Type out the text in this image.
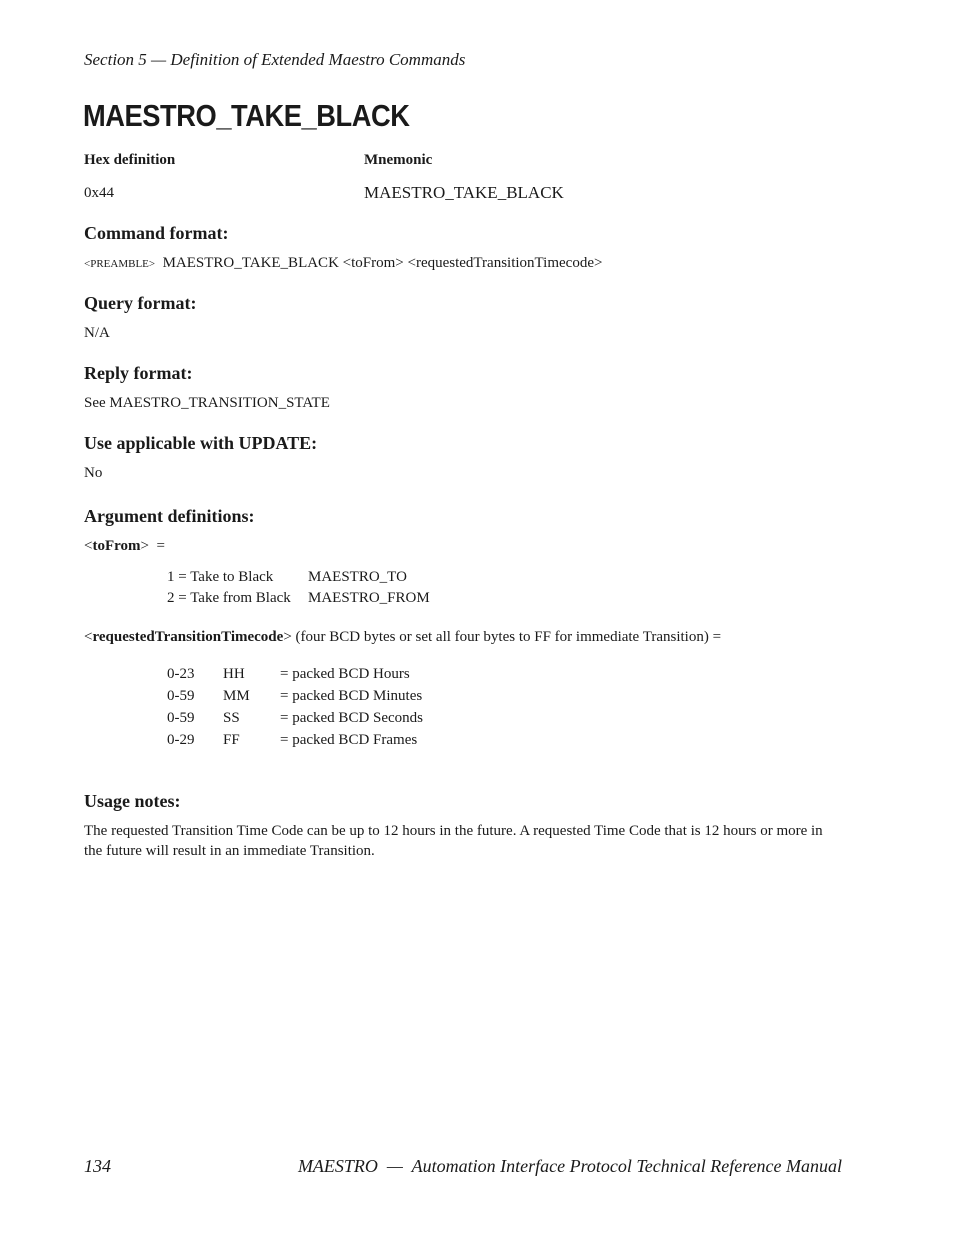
Section 5 — Definition of Extended Maestro Commands
MAESTRO_TAKE_BLACK
Hex definition	Mnemonic
0x44	MAESTRO_TAKE_BLACK
Command format:
<PREAMBLE> MAESTRO_TAKE_BLACK <toFrom> <requestedTransitionTimecode>
Query format:
N/A
Reply format:
See MAESTRO_TRANSITION_STATE
Use applicable with UPDATE:
No
Argument definitions:
<toFrom>  =
1 = Take to Black MAESTRO_TO
2 = Take from Black MAESTRO_FROM
<requestedTransitionTimecode> (four BCD bytes or set all four bytes to FF for immediate Transition) =
0-23 HH = packed BCD Hours
0-59 MM = packed BCD Minutes
0-59 SS	= packed BCD Seconds
0-29 FF	= packed BCD Frames
Usage notes:
The requested Transition Time Code can be up to 12 hours in the future. A requested Time Code that is 12 hours or more in the future will result in an immediate Transition.
134	MAESTRO  —  Automation Interface Protocol Technical Reference Manual
